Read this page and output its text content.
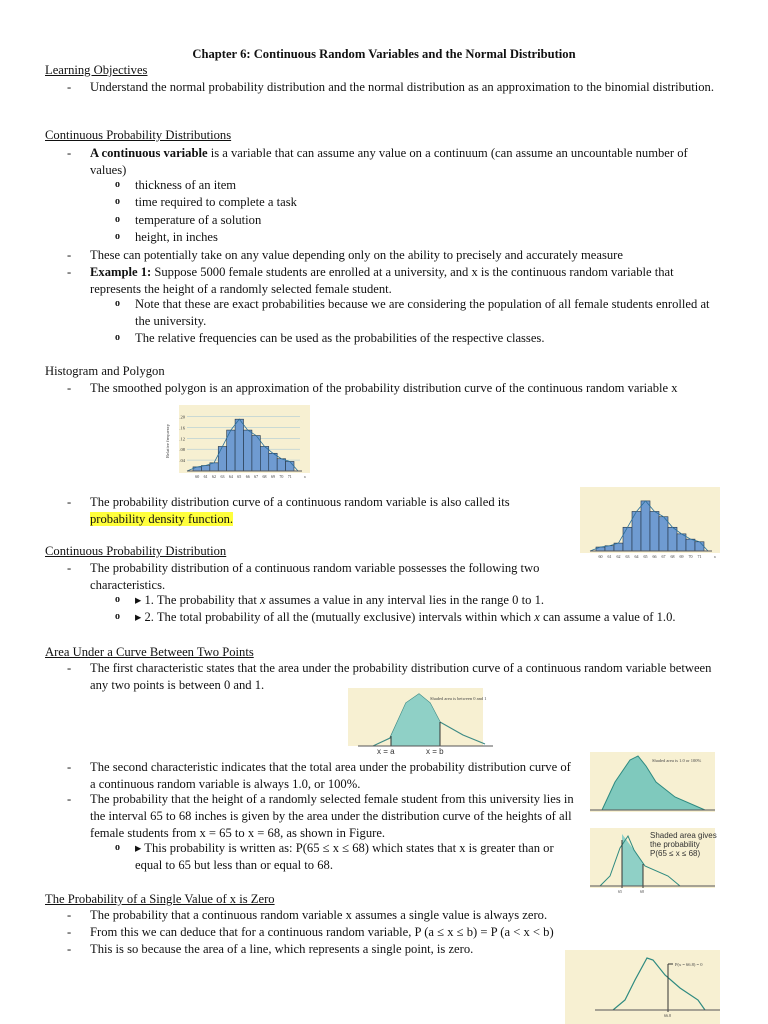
Chapter 6: Continuous Random Variables and the Normal Distribution
Learning Objectives
- Understand the normal probability distribution and the normal distribution as an approximation to the binomial distribution.
Continuous Probability Distributions
- A continuous variable is a variable that can assume any value on a continuum (can assume an uncountable number of values)
o thickness of an item
o time required to complete a task
o temperature of a solution
o height, in inches
- These can potentially take on any value depending only on the ability to precisely and accurately measure
- Example 1: Suppose 5000 female students are enrolled at a university, and x is the continuous random variable that represents the height of a randomly selected female student.
o Note that these are exact probabilities because we are considering the population of all female students enrolled at the university.
o The relative frequencies can be used as the probabilities of the respective classes.
Histogram and Polygon
- The smoothed polygon is an approximation of the probability distribution curve of the continuous random variable x
.04
.08
.12
.16
.20
Relative frequency
60 61 62 63 64 65 66 67 68 69 70 71	x
- The probability distribution curve of a continuous random variable is also called its probability density function.
60 61 62 63 64 65 66 67 68 69 70 71	x
Continuous Probability Distribution
- The probability distribution of a continuous random variable possesses the following two characteristics.
o ▸ 1. The probability that x assumes a value in any interval lies in the range 0 to 1.
o ▸ 2. The total probability of all the (mutually exclusive) intervals within which x can assume a value of 1.0.
Area Under a Curve Between Two Points
- The first characteristic states that the area under the probability distribution curve of a continuous random variable between any two points is between 0 and 1.
Shaded area is between 0 and 1
x = a	x = b
- The second characteristic indicates that the total area under the probability distribution curve of a continuous random variable is always 1.0, or 100%.
- The probability that the height of a randomly selected female student from this university lies in the interval 65 to 68 inches is given by the area under the distribution curve of the heights of all female students from x = 65 to x = 68, as shown in Figure.
o ▸ This probability is written as: P(65 ≤ x ≤ 68) which states that x is greater than or equal to 65 but less than or equal to 68.
Shaded area is 1.0 or 100%
65	68
Shaded area gives the probability P(65 ≤ x ≤ 68)
The Probability of a Single Value of x is Zero
- The probability that a continuous random variable x assumes a single value is always zero.
- From this we can deduce that for a continuous random variable, P (a ≤ x ≤ b) = P (a < x < b)
- This is so because the area of a line, which represents a single point, is zero.
P(x = 66.8) = 0
66.8
